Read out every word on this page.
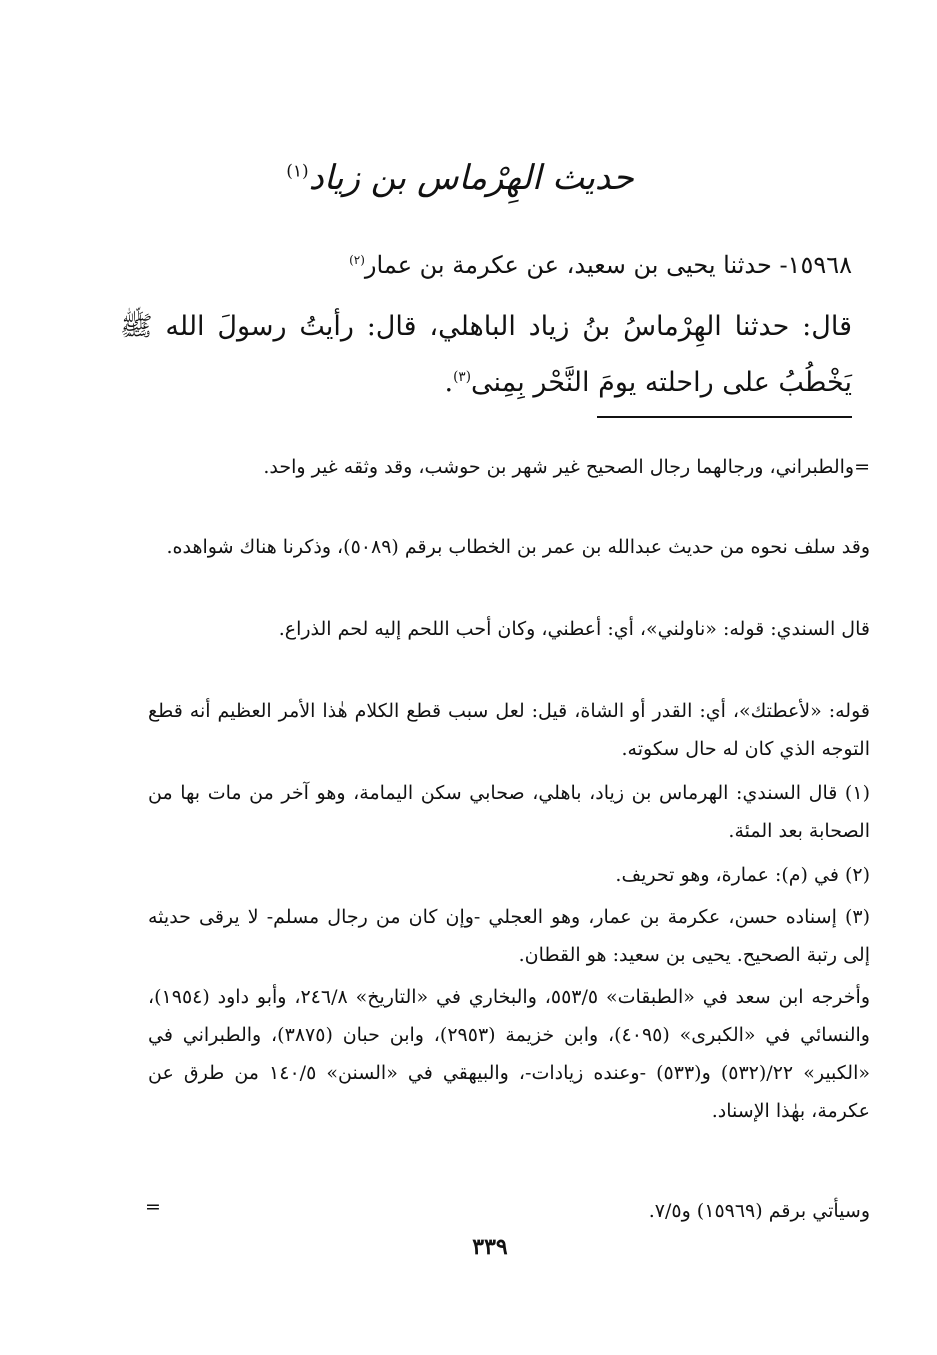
حديث الهِرْماس بن زياد$^{(١)}$
١٥٩٦٨- حدثنا يحيى بن سعيد، عن عكرمة بن عمار$^{(٢)}$
قال: حدثنا الهِرْماسُ بنُ زياد الباهلي، قال: رأيتُ رسولَ الله ﷺ يَخْطُبُ على راحلته يومَ النَّحْر بِمِنى$^{(٣)}$.
=والطبراني، ورجالهما رجال الصحيح غير شهر بن حوشب، وقد وثقه غير واحد.
وقد سلف نحوه من حديث عبدالله بن عمر بن الخطاب برقم (٥٠٨٩)، وذكرنا هناك شواهده.
قال السندي: قوله: «ناولني»، أي: أعطني، وكان أحب اللحم إليه لحم الذراع.
قوله: «لأعطتك»، أي: القدر أو الشاة، قيل: لعل سبب قطع الكلام هٰذا الأمر العظيم أنه قطع التوجه الذي كان له حال سكوته.
(١) قال السندي: الهرماس بن زياد، باهلي، صحابي سكن اليمامة، وهو آخر من مات بها من الصحابة بعد المئة.
(٢) في (م): عمارة، وهو تحريف.
(٣) إسناده حسن، عكرمة بن عمار، وهو العجلي -وإن كان من رجال مسلم- لا يرقى حديثه إلى رتبة الصحيح. يحيى بن سعيد: هو القطان.
وأخرجه ابن سعد في «الطبقات» ٥٥٣/٥، والبخاري في «التاريخ» ٢٤٦/٨، وأبو داود (١٩٥٤)، والنسائي في «الكبرى» (٤٠٩٥)، وابن خزيمة (٢٩٥٣)، وابن حبان (٣٨٧٥)، والطبراني في «الكبير» ٢٢/(٥٣٢) و(٥٣٣) -وعنده زيادات-، والبيهقي في «السنن» ١٤٠/٥ من طرق عن عكرمة، بهٰذا الإسناد.
وسيأتي برقم (١٥٩٦٩) و٧/٥.
=
٣٣٩
